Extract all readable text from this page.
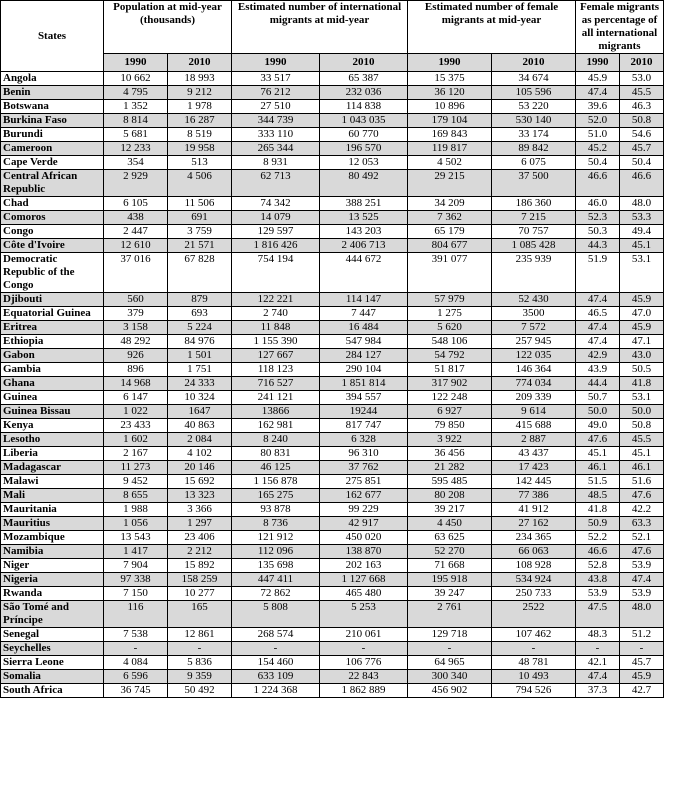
States	Population at mid-year (thousands)		Estimated number of international migrants at mid-year		Estimated number of female migrants at mid-year		Female migrants as percentage of all international migrants	
	1990	2010	1990	2010	1990	2010	1990	2010
Angola	10 662	18 993	33 517	65 387	15 375	34 674	45.9	53.0
Benin	4 795	9 212	76 212	232 036	36 120	105 596	47.4	45.5
Botswana	1 352	1 978	27 510	114 838	10 896	53 220	39.6	46.3
Burkina Faso	8 814	16 287	344 739	1 043 035	179 104	530 140	52.0	50.8
Burundi	5 681	8 519	333 110	60 770	169 843	33 174	51.0	54.6
Cameroon	12 233	19 958	265 344	196 570	119 817	89 842	45.2	45.7
Cape Verde	354	513	8 931	12 053	4 502	6 075	50.4	50.4
Central African Republic	2 929	4 506	62 713	80 492	29 215	37 500	46.6	46.6
Chad	6 105	11 506	74 342	388 251	34 209	186 360	46.0	48.0
Comoros	438	691	14 079	13 525	7 362	7 215	52.3	53.3
Congo	2 447	3 759	129 597	143 203	65 179	70 757	50.3	49.4
Côte d'Ivoire	12 610	21 571	1 816 426	2 406 713	804 677	1 085 428	44.3	45.1
Democratic Republic of the Congo	37 016	67 828	754 194	444 672	391 077	235 939	51.9	53.1
Djibouti	560	879	122 221	114 147	57 979	52 430	47.4	45.9
Equatorial Guinea	379	693	2 740	7 447	1 275	3500	46.5	47.0
Eritrea	3 158	5 224	11 848	16 484	5 620	7 572	47.4	45.9
Ethiopia	48 292	84 976	1 155 390	547 984	548 106	257 945	47.4	47.1
Gabon	926	1 501	127 667	284 127	54 792	122 035	42.9	43.0
Gambia	896	1 751	118 123	290 104	51 817	146 364	43.9	50.5
Ghana	14 968	24 333	716 527	1 851 814	317 902	774 034	44.4	41.8
Guinea	6 147	10 324	241 121	394 557	122 248	209 339	50.7	53.1
Guinea Bissau	1 022	1647	13866	19244	6 927	9 614	50.0	50.0
Kenya	23 433	40 863	162 981	817 747	79 850	415 688	49.0	50.8
Lesotho	1 602	2 084	8 240	6 328	3 922	2 887	47.6	45.5
Liberia	2 167	4 102	80 831	96 310	36 456	43 437	45.1	45.1
Madagascar	11 273	20 146	46 125	37 762	21 282	17 423	46.1	46.1
Malawi	9 452	15 692	1 156 878	275 851	595 485	142 445	51.5	51.6
Mali	8 655	13 323	165 275	162 677	80 208	77 386	48.5	47.6
Mauritania	1 988	3 366	93 878	99 229	39 217	41 912	41.8	42.2
Mauritius	1 056	1 297	8 736	42 917	4 450	27 162	50.9	63.3
Mozambique	13 543	23 406	121 912	450 020	63 625	234 365	52.2	52.1
Namibia	1 417	2 212	112 096	138 870	52 270	66 063	46.6	47.6
Niger	7 904	15 892	135 698	202 163	71 668	108 928	52.8	53.9
Nigeria	97 338	158 259	447 411	1 127 668	195 918	534 924	43.8	47.4
Rwanda	7 150	10 277	72 862	465 480	39 247	250 733	53.9	53.9
São Tomé and Príncipe	116	165	5 808	5 253	2 761	2522	47.5	48.0
Senegal	7 538	12 861	268 574	210 061	129 718	107 462	48.3	51.2
Seychelles	-	-	-	-	-	-	-	-
Sierra Leone	4 084	5 836	154 460	106 776	64 965	48 781	42.1	45.7
Somalia	6 596	9 359	633 109	22 843	300 340	10 493	47.4	45.9
South Africa	36 745	50 492	1 224 368	1 862 889	456 902	794 526	37.3	42.7
